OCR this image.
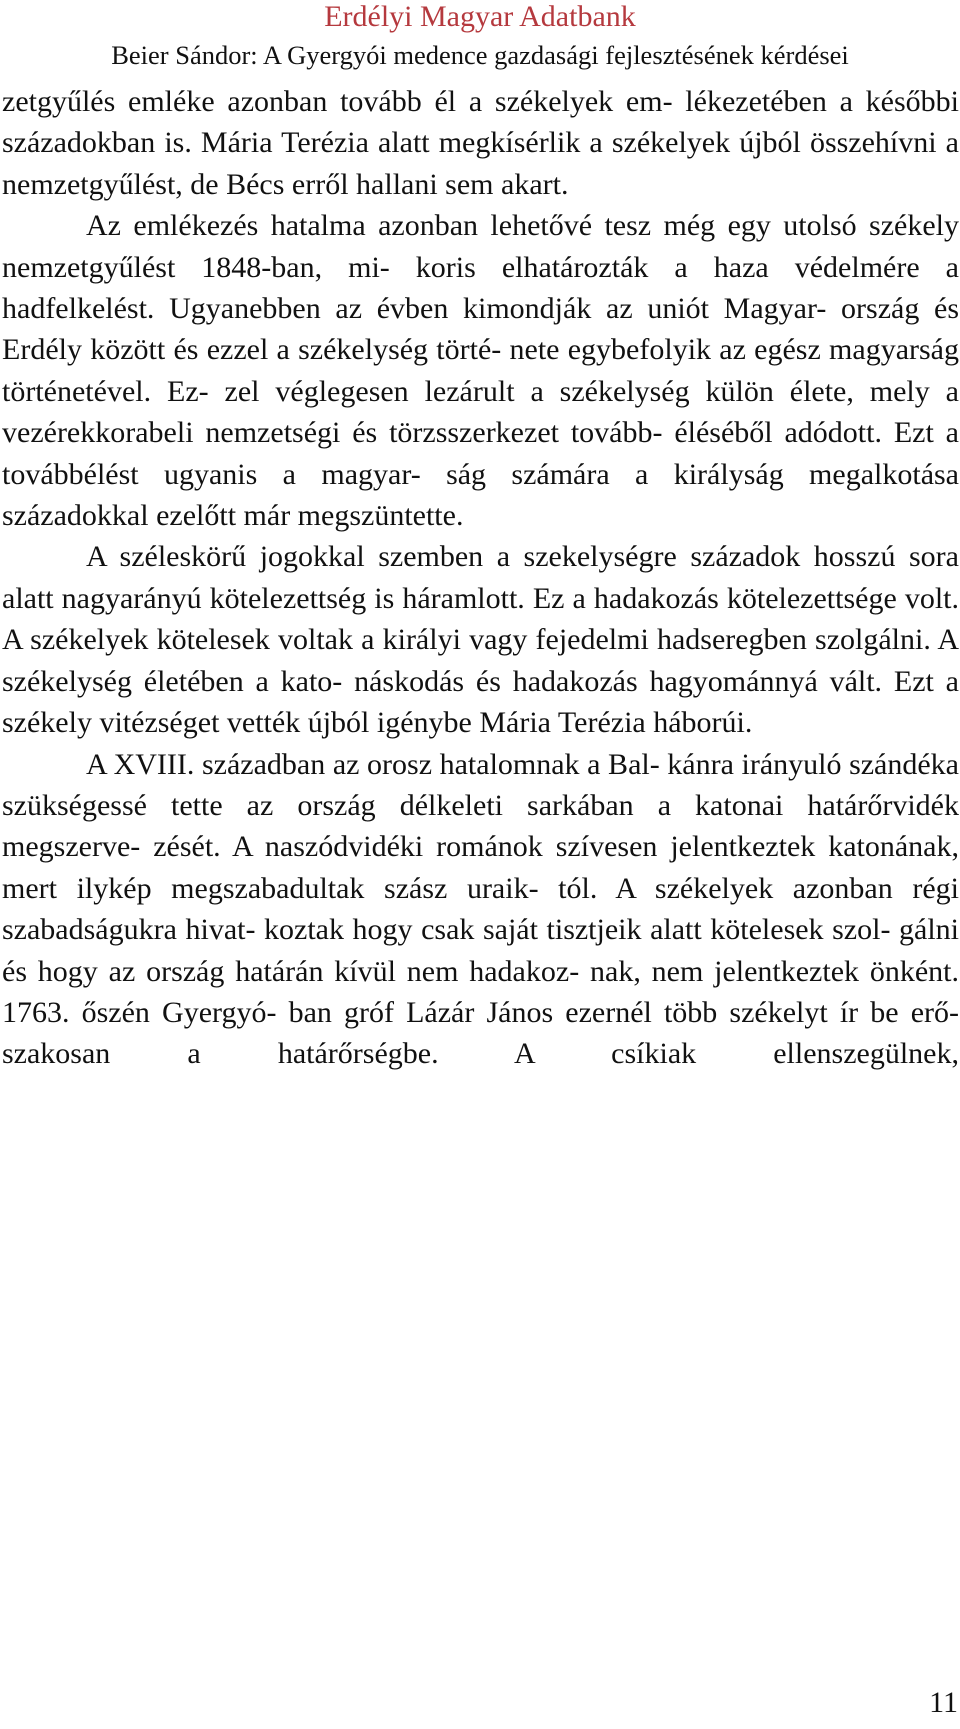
Erdélyi Magyar Adatbank
Beier Sándor: A Gyergyói medence gazdasági fejlesztésének kérdései

zetgyűlés emléke azonban tovább él a székelyek em- lékezetében a későbbi századokban is. Mária Terézia alatt megkísérlik a székelyek újból összehívni a nemzetgyűlést, de Bécs erről hallani sem akart.

Az emlékezés hatalma azonban lehetővé tesz még egy utolsó székely nemzetgyűlést 1848-ban, mi- koris elhatározták a haza védelmére a hadfelkelést. Ugyanebben az évben kimondják az uniót Magyar- ország és Erdély között és ezzel a székelység törté- nete egybefolyik az egész magyarság történetével. Ez- zel véglegesen lezárult a székelység külön élete, mely a vezérekkorabeli nemzetségi és törzsszerkezet tovább- éléséből adódott. Ezt a továbbélést ugyanis a magyar- ság számára a királyság megalkotása századokkal ezelőtt már megszüntette.

A széleskörű jogokkal szemben a szekelységre századok hosszú sora alatt nagyarányú kötelezettség is háramlott. Ez a hadakozás kötelezettsége volt. A székelyek kötelesek voltak a királyi vagy fejedelmi hadseregben szolgálni. A székelység életében a kato- náskodás és hadakozás hagyománnyá vált. Ezt a székely vitézséget vették újból igénybe Mária Terézia háborúi.

A XVIII. században az orosz hatalomnak a Bal- kánra irányuló szándéka szükségessé tette az ország délkeleti sarkában a katonai határőrvidék megszerve- zését. A naszódvidéki románok szívesen jelentkeztek katonának, mert ilykép megszabadultak szász uraik- tól. A székelyek azonban régi szabadságukra hivat- koztak hogy csak saját tisztjeik alatt kötelesek szol- gálni és hogy az ország határán kívül nem hadakoz- nak, nem jelentkeztek önként. 1763. őszén Gyergyó- ban gróf Lázár János ezernél több székelyt ír be erő- szakosan a határőrségbe. A csíkiak ellenszegülnek,

11
